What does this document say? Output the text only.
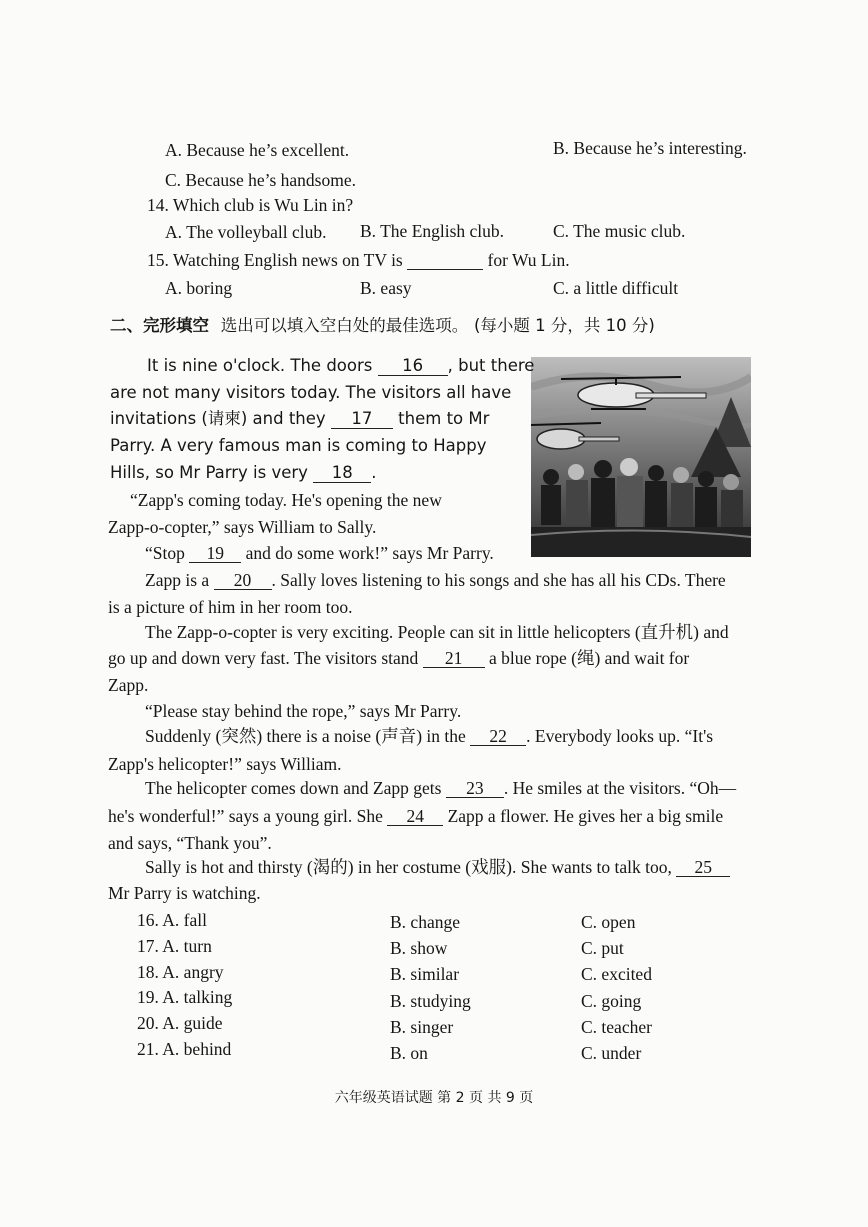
A. Because he’s excellent.	B. Because he’s interesting.
C. Because he’s handsome.
14. Which club is Wu Lin in?
A. The volleyball club. B. The English club.	C. The music club.
15. Watching English news on TV is	for Wu Lin.
A. boring	B. easy	C. a little difficult
二、完形填空 选出可以填入空白处的最佳选项。 (每小题 1 分，共 10 分)
It is nine o'clock. The doors 16 , but there
are not many visitors today. The visitors all have
invitations (请柬) and they 17 them to Mr
Parry. A very famous man is coming to Happy
Hills, so Mr Parry is very 18 .
“Zapp's coming today. He's opening the new
Zapp-o-copter,” says William to Sally.
“Stop 19 and do some work!” says Mr Parry.
Zapp is a 20 . Sally loves listening to his songs and she has all his CDs. There
is a picture of him in her room too.
The Zapp-o-copter is very exciting. People can sit in little helicopters (直升机) and
go up and down very fast. The visitors stand 21 a blue rope (绳) and wait for
Zapp.
“Please stay behind the rope,” says Mr Parry.
Suddenly (突然) there is a noise (声音) in the 22 . Everybody looks up. “It's
Zapp's helicopter!” says William.
The helicopter comes down and Zapp gets 23 . He smiles at the visitors. “Oh—
he's wonderful!” says a young girl. She 24 Zapp a flower. He gives her a big smile
and says, “Thank you”.
Sally is hot and thirsty (渴的) in her costume (戏服). She wants to talk too, 25
Mr Parry is watching.
16. A. fall	B. change	C. open
17. A. turn	B. show	C. put
18. A. angry	B. similar	C. excited
19. A. talking	B. studying	C. going
20. A. guide	B. singer	C. teacher
21. A. behind	B. on	C. under
六年级英语试题 第 2 页 共 9 页
